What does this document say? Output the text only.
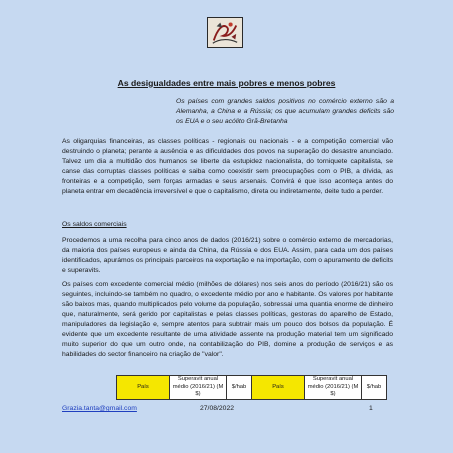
As desigualdades entre mais pobres e menos pobres

Os países com grandes saldos positivos no comércio externo são a Alemanha, a China e a Rússia; os que acumulam grandes deficits são os EUA e o seu acólito Grã-Bretanha

As oligarquias financeiras, as classes políticas - regionais ou nacionais - e a competição comercial vão destruindo o planeta; perante a ausência e as dificuldades dos povos na superação do desastre anunciado. Talvez um dia a multidão dos humanos se liberte da estupidez nacionalista, do torniquete capitalista, se canse das corruptas classes políticas e saiba como coexistir sem preocupações com o PIB, a dívida, as fronteiras e a competição, sem forças armadas e seus arsenais. Convirá é que isso aconteça antes do planeta entrar em decadência irreversível e que o capitalismo, direta ou indiretamente, deite tudo a perder.

Os saldos comerciais

Procedemos a uma recolha para cinco anos de dados (2016/21) sobre o comércio externo de mercadorias, da maioria dos países europeus e ainda da China, da Rússia e dos EUA. Assim, para cada um dos países identificados, apurámos os principais parceiros na exportação e na importação, com o apuramento de deficits e superavits.

Os países com excedente comercial médio (milhões de dólares) nos seis anos do período (2016/21) são os seguintes, incluindo-se também no quadro, o excedente médio por ano e habitante. Os valores por habitante são baixos mas, quando multiplicados pelo volume da população, sobressai uma quantia enorme de dinheiro que, naturalmente, será gerido por capitalistas e pelas classes políticas, gestoras do aparelho de Estado, manipuladores da legislação e, sempre atentos para subtrair mais um pouco dos bolsos da população. É evidente que um excedente resultante de uma atividade assente na produção material tem um significado muito superior do que um outro onde, na contabilização do PIB, domine a produção de serviços e as habilidades do sector financeiro na criação de "valor".

País	Superavit anual médio (2016/21) (M $)	$/hab	País	Superavit anual médio (2016/21) (M $)	$/hab
Grazia.tanta@gmail.com	27/08/2022	1
